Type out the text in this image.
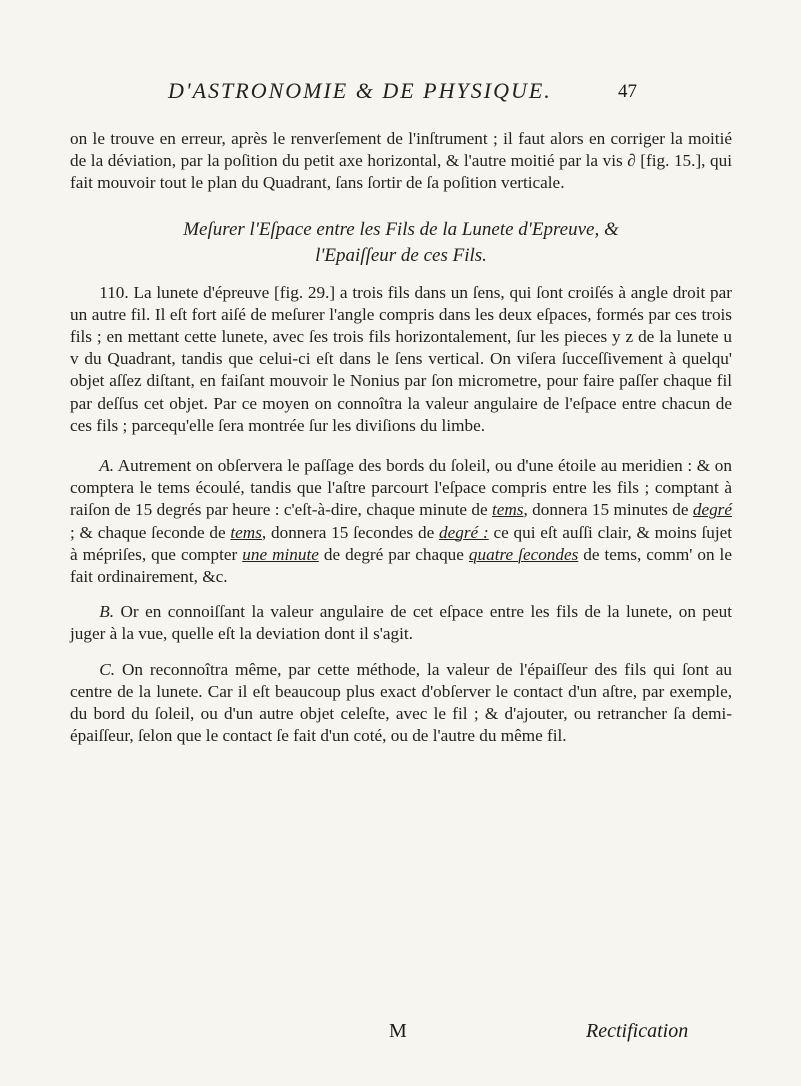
D'ASTRONOMIE & DE PHYSIQUE.	47

on le trouve en erreur, après le renverſement de l'inſtrument ; il faut alors en corriger la moitié de la déviation, par la poſition du petit axe horizontal, & l'autre moitié par la vis ∂ [fig. 15.], qui fait mouvoir tout le plan du Quadrant, ſans ſortir de ſa poſition verticale.

Meſurer l'Eſpace entre les Fils de la Lunete d'Epreuve, &
l'Epaiſſeur de ces Fils.

110. La lunete d'épreuve [fig. 29.] a trois fils dans un ſens, qui ſont croiſés à angle droit par un autre fil. Il eſt fort aiſé de meſurer l'angle compris dans les deux eſpaces, formés par ces trois fils ; en mettant cette lunete, avec ſes trois fils horizontalement, ſur les pieces y z de la lunete u v du Quadrant, tandis que celui-ci eſt dans le ſens vertical. On viſera ſucceſſivement à quelqu' objet aſſez diſtant, en faiſant mouvoir le Nonius par ſon micrometre, pour faire paſſer chaque fil par deſſus cet objet. Par ce moyen on connoîtra la valeur angulaire de l'eſpace entre chacun de ces fils ; parcequ'elle ſera montrée ſur les diviſions du limbe.

A. Autrement on obſervera le paſſage des bords du ſoleil, ou d'une étoile au meridien : & on comptera le tems écoulé, tandis que l'aſtre parcourt l'eſpace compris entre les fils ; comptant à raiſon de 15 degrés par heure : c'eſt-à-dire, chaque minute de tems, donnera 15 minutes de degré ; & chaque ſeconde de tems, donnera 15 ſecondes de degré : ce qui eſt auſſi clair, & moins ſujet à mépriſes, que compter une minute de degré par chaque quatre ſecondes de tems, comm' on le fait ordinairement, &c.

B. Or en connoiſſant la valeur angulaire de cet eſpace entre les fils de la lunete, on peut juger à la vue, quelle eſt la deviation dont il s'agit.

C. On reconnoîtra même, par cette méthode, la valeur de l'épaiſſeur des fils qui ſont au centre de la lunete. Car il eſt beaucoup plus exact d'obſerver le contact d'un aſtre, par exemple, du bord du ſoleil, ou d'un autre objet celeſte, avec le fil ; & d'ajouter, ou retrancher ſa demi-épaiſſeur, ſelon que le contact ſe fait d'un coté, ou de l'autre du même fil.

M	Rectification
